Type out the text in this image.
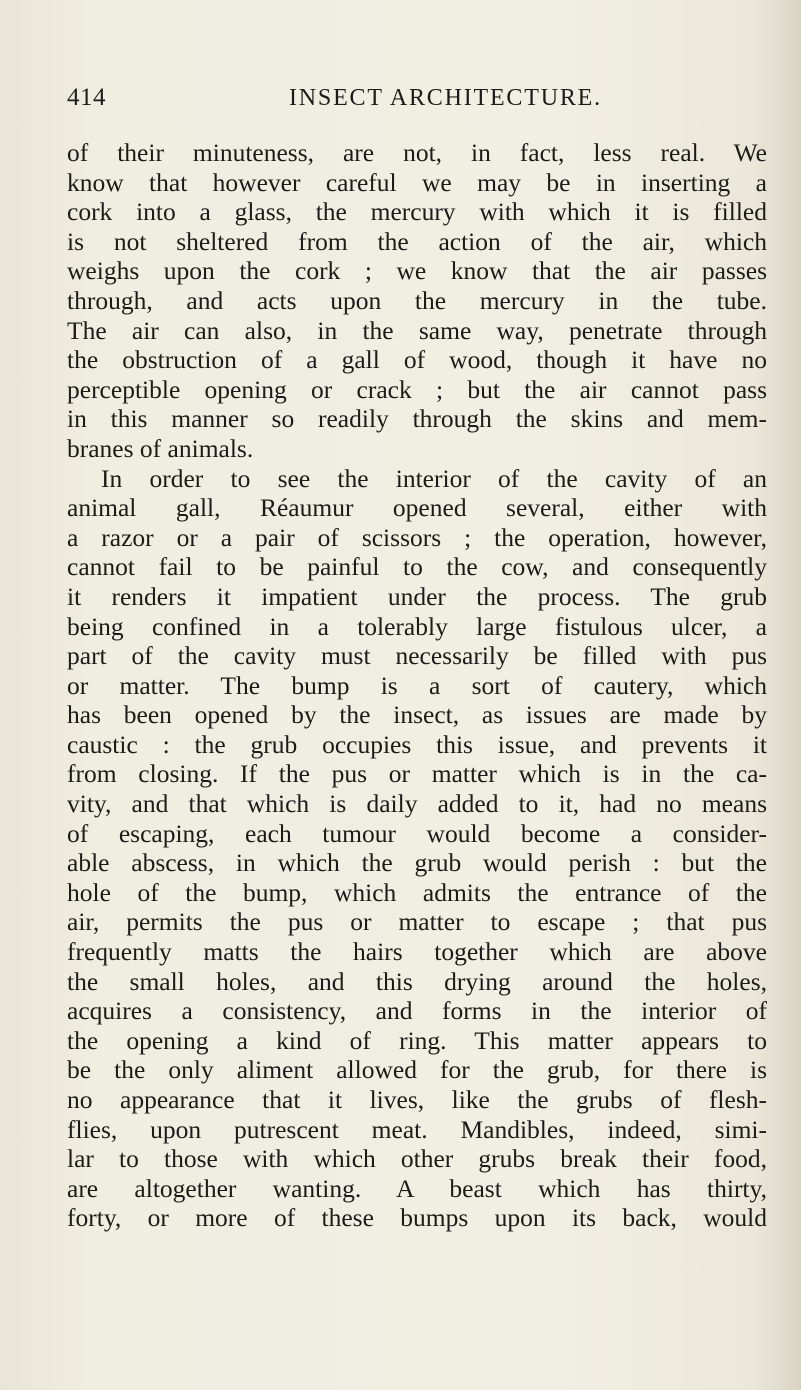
414	INSECT ARCHITECTURE.
of their minuteness, are not, in fact, less real. We
know that however careful we may be in inserting a
cork into a glass, the mercury with which it is filled
is not sheltered from the action of the air, which
weighs upon the cork ; we know that the air passes
through, and acts upon the mercury in the tube.
The air can also, in the same way, penetrate through
the obstruction of a gall of wood, though it have no
perceptible opening or crack ; but the air cannot pass
in this manner so readily through the skins and mem-
branes of animals.
In order to see the interior of the cavity of an
animal gall, Réaumur opened several, either with
a razor or a pair of scissors ; the operation, however,
cannot fail to be painful to the cow, and consequently
it renders it impatient under the process. The grub
being confined in a tolerably large fistulous ulcer, a
part of the cavity must necessarily be filled with pus
or matter. The bump is a sort of cautery, which
has been opened by the insect, as issues are made by
caustic : the grub occupies this issue, and prevents it
from closing. If the pus or matter which is in the ca-
vity, and that which is daily added to it, had no means
of escaping, each tumour would become a consider-
able abscess, in which the grub would perish : but the
hole of the bump, which admits the entrance of the
air, permits the pus or matter to escape ; that pus
frequently matts the hairs together which are above
the small holes, and this drying around the holes,
acquires a consistency, and forms in the interior of
the opening a kind of ring. This matter appears to
be the only aliment allowed for the grub, for there is
no appearance that it lives, like the grubs of flesh-
flies, upon putrescent meat. Mandibles, indeed, simi-
lar to those with which other grubs break their food,
are altogether wanting. A beast which has thirty,
forty, or more of these bumps upon its back, would
